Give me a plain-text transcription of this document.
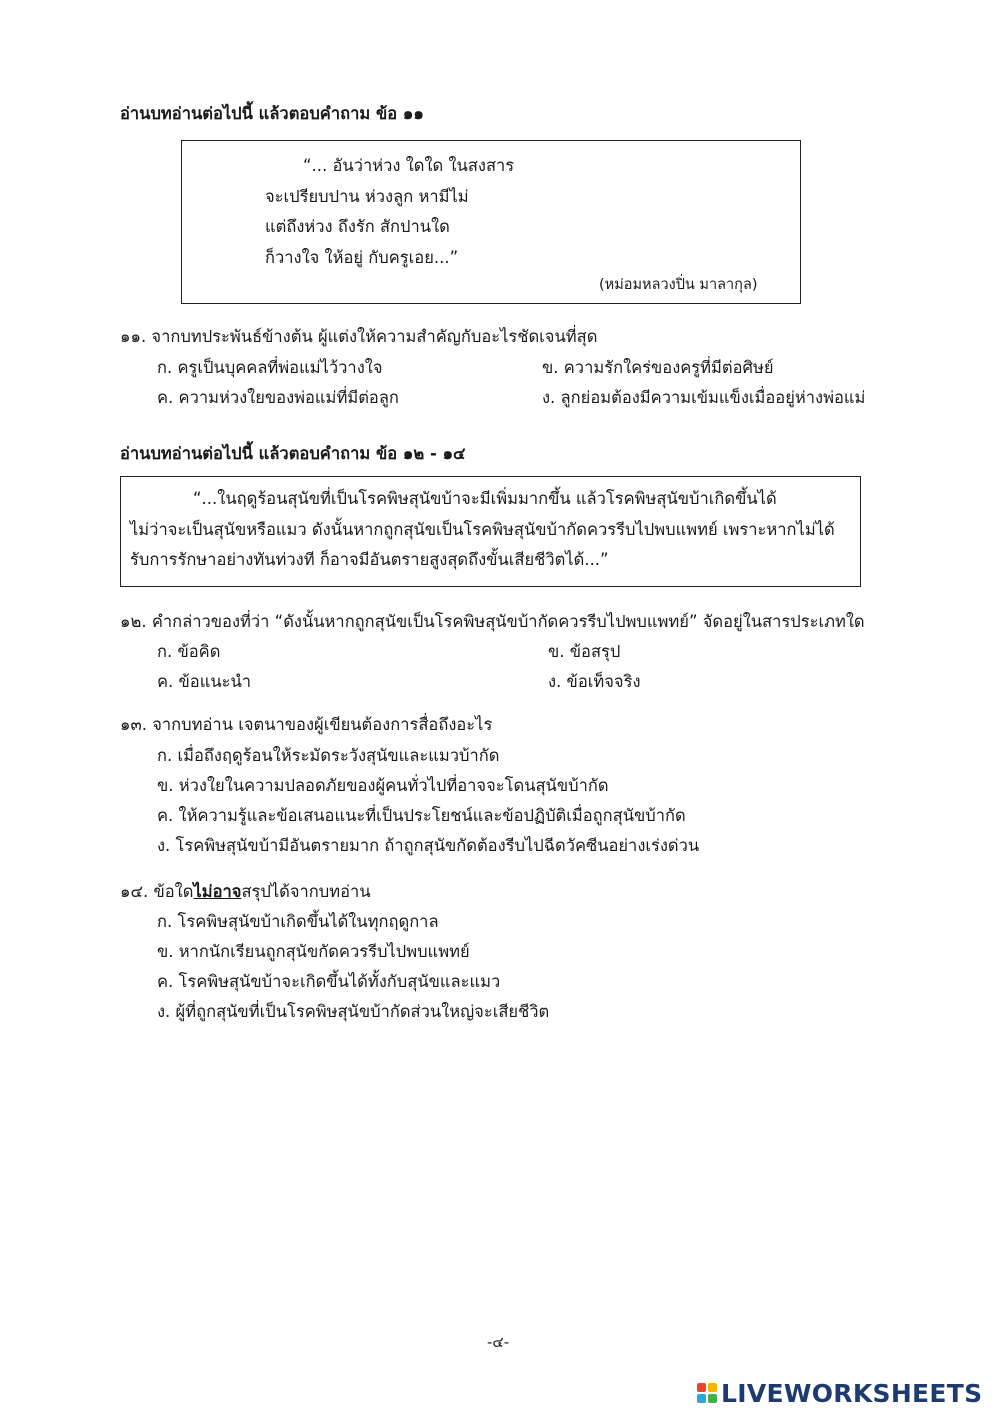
อ่านบทอ่านต่อไปนี้ แล้วตอบคำถาม ข้อ ๑๑
“... อันว่าห่วง ใดใด ในสงสาร
จะเปรียบปาน ห่วงลูก หามีไม่
แต่ถึงห่วง ถึงรัก สักปานใด
ก็วางใจ ให้อยู่ กับครูเอย...”
(หม่อมหลวงปิ่น มาลากุล)
๑๑. จากบทประพันธ์ข้างต้น ผู้แต่งให้ความสำคัญกับอะไรชัดเจนที่สุด
ก. ครูเป็นบุคคลที่พ่อแม่ไว้วางใจ	ข. ความรักใคร่ของครูที่มีต่อศิษย์
ค. ความห่วงใยของพ่อแม่ที่มีต่อลูก	ง. ลูกย่อมต้องมีความเข้มแข็งเมื่ออยู่ห่างพ่อแม่
อ่านบทอ่านต่อไปนี้ แล้วตอบคำถาม ข้อ ๑๒ - ๑๔
“...ในฤดูร้อนสุนัขที่เป็นโรคพิษสุนัขบ้าจะมีเพิ่มมากขึ้น แล้วโรคพิษสุนัขบ้าเกิดขึ้นได้
ไม่ว่าจะเป็นสุนัขหรือแมว ดังนั้นหากถูกสุนัขเป็นโรคพิษสุนัขบ้ากัดควรรีบไปพบแพทย์ เพราะหากไม่ได้
รับการรักษาอย่างทันท่วงที ก็อาจมีอันตรายสูงสุดถึงขั้นเสียชีวิตได้...”
๑๒. คำกล่าวของที่ว่า “ดังนั้นหากถูกสุนัขเป็นโรคพิษสุนัขบ้ากัดควรรีบไปพบแพทย์” จัดอยู่ในสารประเภทใด
ก. ข้อคิด	ข. ข้อสรุป
ค. ข้อแนะนำ	ง. ข้อเท็จจริง
๑๓. จากบทอ่าน เจตนาของผู้เขียนต้องการสื่อถึงอะไร
ก. เมื่อถึงฤดูร้อนให้ระมัดระวังสุนัขและแมวบ้ากัด
ข. ห่วงใยในความปลอดภัยของผู้คนทั่วไปที่อาจจะโดนสุนัขบ้ากัด
ค. ให้ความรู้และข้อเสนอแนะที่เป็นประโยชน์และข้อปฏิบัติเมื่อถูกสุนัขบ้ากัด
ง. โรคพิษสุนัขบ้ามีอันตรายมาก ถ้าถูกสุนัขกัดต้องรีบไปฉีดวัคซีนอย่างเร่งด่วน
๑๔. ข้อใดไม่อาจสรุปได้จากบทอ่าน
ก. โรคพิษสุนัขบ้าเกิดขึ้นได้ในทุกฤดูกาล
ข. หากนักเรียนถูกสุนัขกัดควรรีบไปพบแพทย์
ค. โรคพิษสุนัขบ้าจะเกิดขึ้นได้ทั้งกับสุนัขและแมว
ง. ผู้ที่ถูกสุนัขที่เป็นโรคพิษสุนัขบ้ากัดส่วนใหญ่จะเสียชีวิต
-๔-
LIVEWORKSHEETS
